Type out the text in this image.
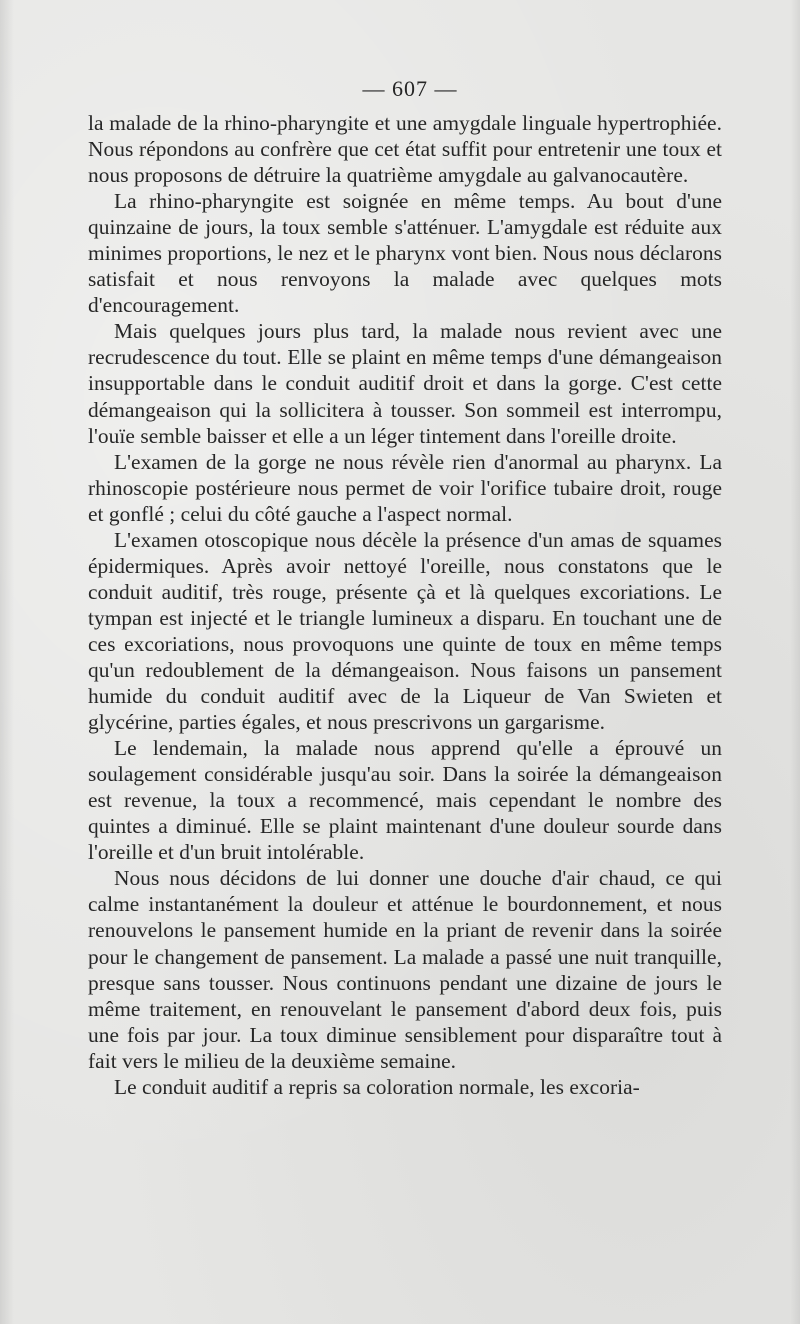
— 607 —

la malade de la rhino-pharyngite et une amygdale linguale hypertrophiée. Nous répondons au confrère que cet état suffit pour entretenir une toux et nous proposons de détruire la quatrième amygdale au galvanocautère.

La rhino-pharyngite est soignée en même temps. Au bout d'une quinzaine de jours, la toux semble s'atténuer. L'amygdale est réduite aux minimes proportions, le nez et le pharynx vont bien. Nous nous déclarons satisfait et nous renvoyons la malade avec quelques mots d'encouragement.

Mais quelques jours plus tard, la malade nous revient avec une recrudescence du tout. Elle se plaint en même temps d'une démangeaison insupportable dans le conduit auditif droit et dans la gorge. C'est cette démangeaison qui la sollicitera à tousser. Son sommeil est interrompu, l'ouïe semble baisser et elle a un léger tintement dans l'oreille droite.

L'examen de la gorge ne nous révèle rien d'anormal au pharynx. La rhinoscopie postérieure nous permet de voir l'orifice tubaire droit, rouge et gonflé ; celui du côté gauche a l'aspect normal.

L'examen otoscopique nous décèle la présence d'un amas de squames épidermiques. Après avoir nettoyé l'oreille, nous constatons que le conduit auditif, très rouge, présente çà et là quelques excoriations. Le tympan est injecté et le triangle lumineux a disparu. En touchant une de ces excoriations, nous provoquons une quinte de toux en même temps qu'un redoublement de la démangeaison. Nous faisons un pansement humide du conduit auditif avec de la Liqueur de Van Swieten et glycérine, parties égales, et nous prescrivons un gargarisme.

Le lendemain, la malade nous apprend qu'elle a éprouvé un soulagement considérable jusqu'au soir. Dans la soirée la démangeaison est revenue, la toux a recommencé, mais cependant le nombre des quintes a diminué. Elle se plaint maintenant d'une douleur sourde dans l'oreille et d'un bruit intolérable.

Nous nous décidons de lui donner une douche d'air chaud, ce qui calme instantanément la douleur et atténue le bourdonnement, et nous renouvelons le pansement humide en la priant de revenir dans la soirée pour le changement de pansement. La malade a passé une nuit tranquille, presque sans tousser. Nous continuons pendant une dizaine de jours le même traitement, en renouvelant le pansement d'abord deux fois, puis une fois par jour. La toux diminue sensiblement pour disparaître tout à fait vers le milieu de la deuxième semaine.

Le conduit auditif a repris sa coloration normale, les excoria-
